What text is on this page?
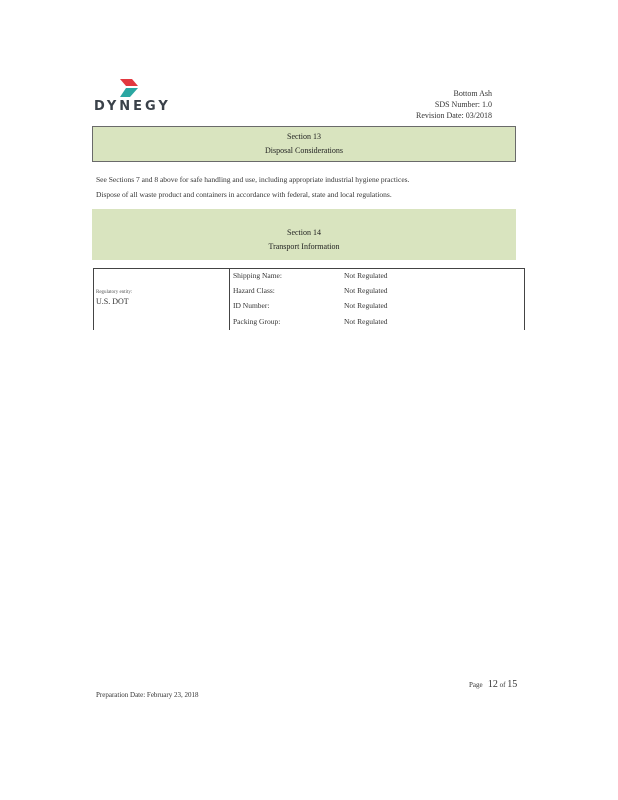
DYNEGY
Bottom Ash
SDS Number: 1.0
Revision Date: 03/2018
Section 13
Disposal Considerations
See Sections 7 and 8 above for safe handling and use, including appropriate industrial hygiene practices.
Dispose of all waste product and containers in accordance with federal, state and local regulations.
Section 14
Transport Information
Regulatory entity:
U.S. DOT
Shipping Name:	Not Regulated
Hazard Class:	Not Regulated
ID Number:	Not Regulated
Packing Group:	Not Regulated
Page 12 of 15
Preparation Date: February 23, 2018
